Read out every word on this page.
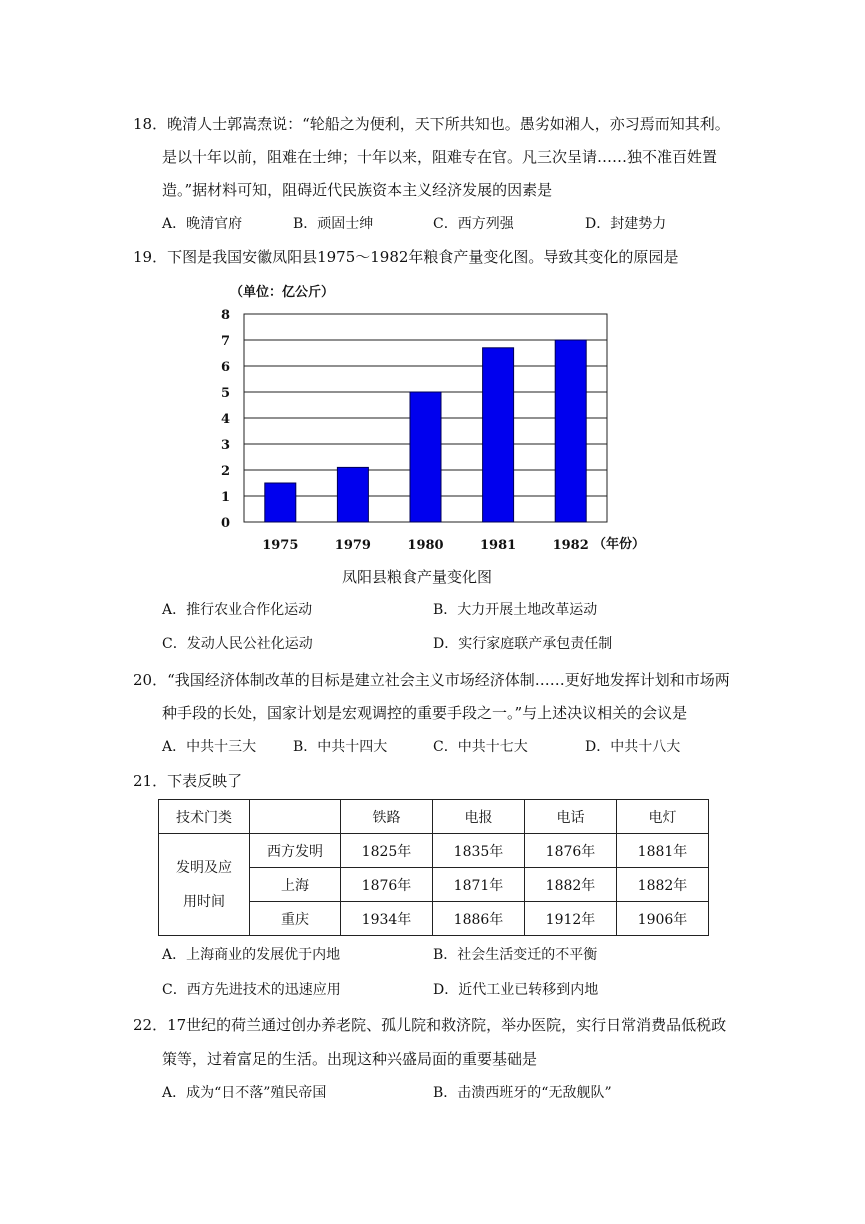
18．晚清人士郭嵩焘说：“轮船之为便利，天下所共知也。愚劣如湘人，亦习焉而知其利。
是以十年以前，阻难在士绅；十年以来，阻难专在官。凡三次呈请……独不准百姓置
造。”据材料可知，阻碍近代民族资本主义经济发展的因素是
A．晚清官府	B．顽固士绅	C．西方列强	D．封建势力
19．下图是我国安徽凤阳县1975～1982年粮食产量变化图。导致其变化的原园是
（单位：亿公斤）
0
1
2
3
4
5
6
7
8
1975	1979	1980	1981	1982 （年份）
凤阳县粮食产量变化图
A．推行农业合作化运动	B．大力开展土地改革运动
C．发动人民公社化运动	D．实行家庭联产承包责任制
20．“我国经济体制改革的目标是建立社会主义市场经济体制……更好地发挥计划和市场两
种手段的长处，国家计划是宏观调控的重要手段之一。”与上述决议相关的会议是
A．中共十三大	B．中共十四大	C．中共十七大	D．中共十八大
21．下表反映了
技术门类		铁路	电报	电话	电灯

发明及应
用时间	西方发明	1825年	1835年	1876年	1881年
	上海	1876年	1871年	1882年	1882年
	重庆	1934年	1886年	1912年	1906年
A．上海商业的发展优于内地	B．社会生活变迁的不平衡
C．西方先进技术的迅速应用	D．近代工业已转移到内地
22．17世纪的荷兰通过创办养老院、孤儿院和救济院，举办医院，实行日常消费品低税政
策等，过着富足的生活。出现这种兴盛局面的重要基础是
A．成为“日不落”殖民帝国	B．击溃西班牙的“无敌舰队”
